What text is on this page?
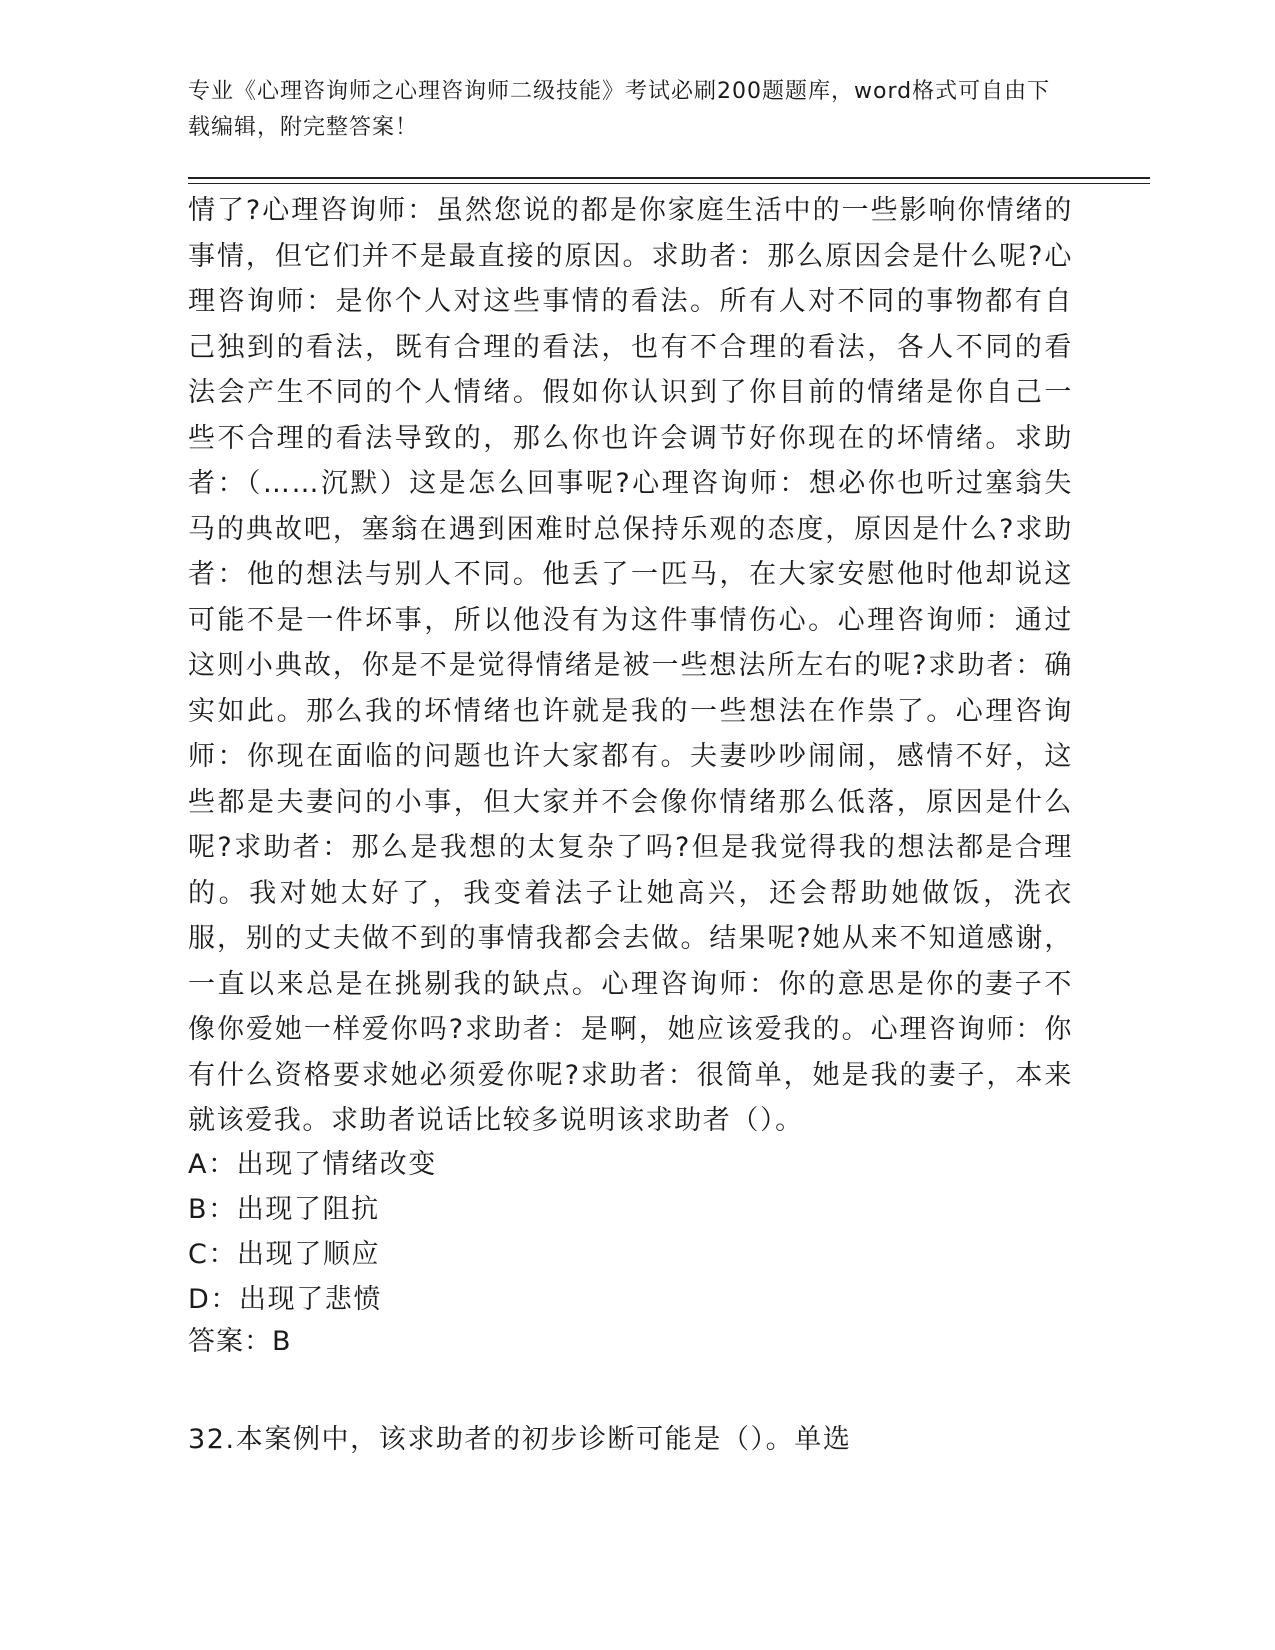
专业《心理咨询师之心理咨询师二级技能》考试必刷200题题库，word格式可自由下载编辑，附完整答案！
情了?心理咨询师：虽然您说的都是你家庭生活中的一些影响你情绪的事情，但它们并不是最直接的原因。求助者：那么原因会是什么呢?心理咨询师：是你个人对这些事情的看法。所有人对不同的事物都有自己独到的看法，既有合理的看法，也有不合理的看法，各人不同的看法会产生不同的个人情绪。假如你认识到了你目前的情绪是你自己一些不合理的看法导致的，那么你也许会调节好你现在的坏情绪。求助者：（……沉默）这是怎么回事呢?心理咨询师：想必你也听过塞翁失马的典故吧，塞翁在遇到困难时总保持乐观的态度，原因是什么?求助者：他的想法与别人不同。他丢了一匹马，在大家安慰他时他却说这可能不是一件坏事，所以他没有为这件事情伤心。心理咨询师：通过这则小典故，你是不是觉得情绪是被一些想法所左右的呢?求助者：确实如此。那么我的坏情绪也许就是我的一些想法在作祟了。心理咨询师：你现在面临的问题也许大家都有。夫妻吵吵闹闹，感情不好，这些都是夫妻问的小事，但大家并不会像你情绪那么低落，原因是什么呢?求助者：那么是我想的太复杂了吗?但是我觉得我的想法都是合理的。我对她太好了，我变着法子让她高兴，还会帮助她做饭，洗衣服，别的丈夫做不到的事情我都会去做。结果呢?她从来不知道感谢，一直以来总是在挑剔我的缺点。心理咨询师：你的意思是你的妻子不像你爱她一样爱你吗?求助者：是啊，她应该爱我的。心理咨询师：你有什么资格要求她必须爱你呢?求助者：很简单，她是我的妻子，本来就该爱我。求助者说话比较多说明该求助者（）。
A：出现了情绪改变
B：出现了阻抗
C：出现了顺应
D：出现了悲愤
答案：B
32.本案例中，该求助者的初步诊断可能是（）。单选
